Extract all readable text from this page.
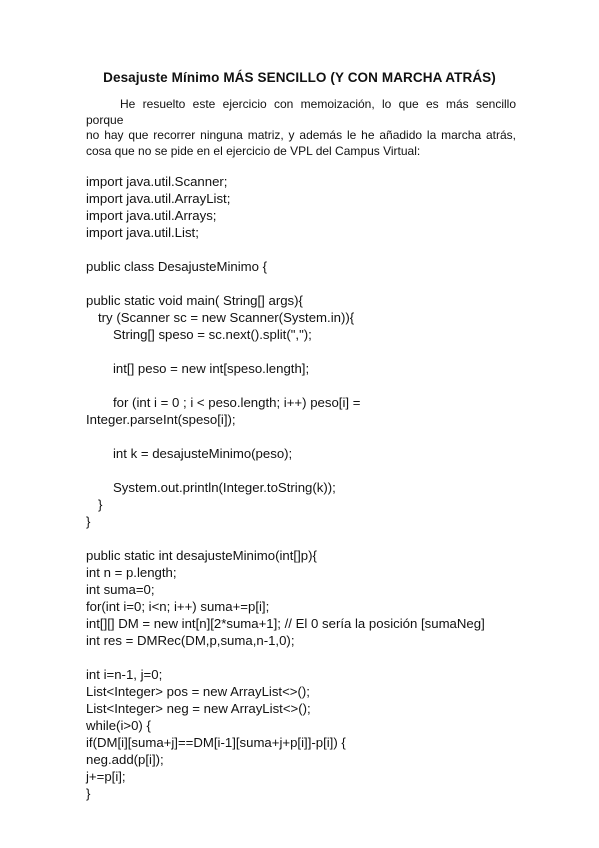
Desajuste Mínimo MÁS SENCILLO (Y CON MARCHA ATRÁS)
He resuelto este ejercicio con memoización, lo que es más sencillo porque
no hay que recorrer ninguna matriz, y además le he añadido la marcha atrás,
cosa que no se pide en el ejercicio de VPL del Campus Virtual:
import java.util.Scanner;
import java.util.ArrayList;
import java.util.Arrays;
import java.util.List;
public class DesajusteMinimo {
public static void main( String[] args){
try (Scanner sc = new Scanner(System.in)){
String[] speso = sc.next().split(",");
int[] peso = new int[speso.length];
for (int i = 0 ; i < peso.length; i++) peso[i] =
Integer.parseInt(speso[i]);
int k = desajusteMinimo(peso);
System.out.println(Integer.toString(k));
}
}
public static int desajusteMinimo(int[]p){
int n = p.length;
int suma=0;
for(int i=0; i<n; i++) suma+=p[i];
int[][] DM = new int[n][2*suma+1]; // El 0 sería la posición [sumaNeg]
int res = DMRec(DM,p,suma,n-1,0);
int i=n-1, j=0;
List<Integer> pos = new ArrayList<>();
List<Integer> neg = new ArrayList<>();
while(i>0) {
if(DM[i][suma+j]==DM[i-1][suma+j+p[i]]-p[i]) {
neg.add(p[i]);
j+=p[i];
}
